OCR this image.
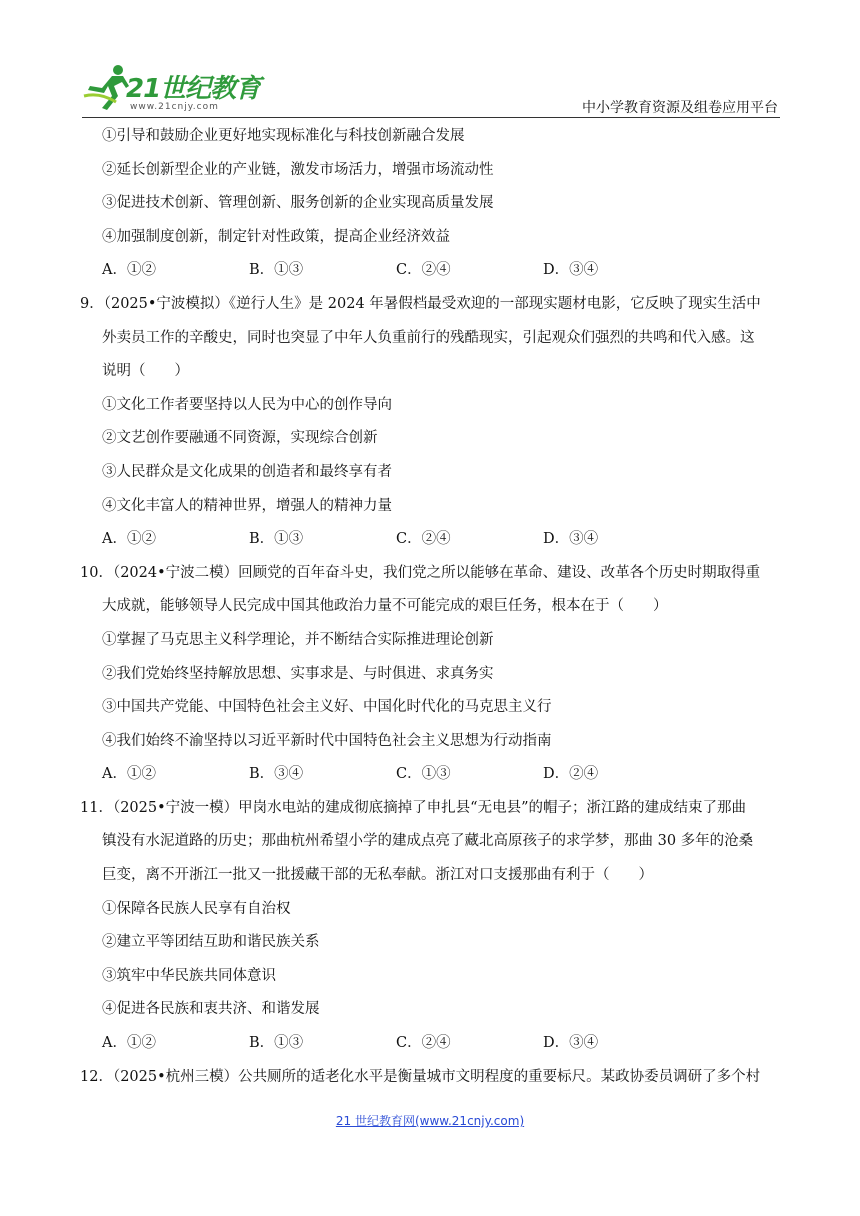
21世纪教育
www.21cnjy.com	中小学教育资源及组卷应用平台
①引导和鼓励企业更好地实现标准化与科技创新融合发展
②延长创新型企业的产业链，激发市场活力，增强市场流动性
③促进技术创新、管理创新、服务创新的企业实现高质量发展
④加强制度创新，制定针对性政策，提高企业经济效益
A．①②	B．①③	C．②④	D．③④
9．（2025•宁波模拟）《逆行人生》是 2024 年暑假档最受欢迎的一部现实题材电影，它反映了现实生活中
外卖员工作的辛酸史，同时也突显了中年人负重前行的残酷现实，引起观众们强烈的共鸣和代入感。这
说明（　　）
①文化工作者要坚持以人民为中心的创作导向
②文艺创作要融通不同资源，实现综合创新
③人民群众是文化成果的创造者和最终享有者
④文化丰富人的精神世界，增强人的精神力量
A．①②	B．①③	C．②④	D．③④
10．（2024•宁波二模）回顾党的百年奋斗史，我们党之所以能够在革命、建设、改革各个历史时期取得重
大成就，能够领导人民完成中国其他政治力量不可能完成的艰巨任务，根本在于（　　）
①掌握了马克思主义科学理论，并不断结合实际推进理论创新
②我们党始终坚持解放思想、实事求是、与时俱进、求真务实
③中国共产党能、中国特色社会主义好、中国化时代化的马克思主义行
④我们始终不渝坚持以习近平新时代中国特色社会主义思想为行动指南
A．①②	B．③④	C．①③	D．②④
11．（2025•宁波一模）甲岗水电站的建成彻底摘掉了申扎县“无电县”的帽子；浙江路的建成结束了那曲
镇没有水泥道路的历史；那曲杭州希望小学的建成点亮了藏北高原孩子的求学梦，那曲 30 多年的沧桑
巨变，离不开浙江一批又一批援藏干部的无私奉献。浙江对口支援那曲有利于（　　）
①保障各民族人民享有自治权
②建立平等团结互助和谐民族关系
③筑牢中华民族共同体意识
④促进各民族和衷共济、和谐发展
A．①②	B．①③	C．②④	D．③④
12．（2025•杭州三模）公共厕所的适老化水平是衡量城市文明程度的重要标尺。某政协委员调研了多个村
21 世纪教育网(www.21cnjy.com)
